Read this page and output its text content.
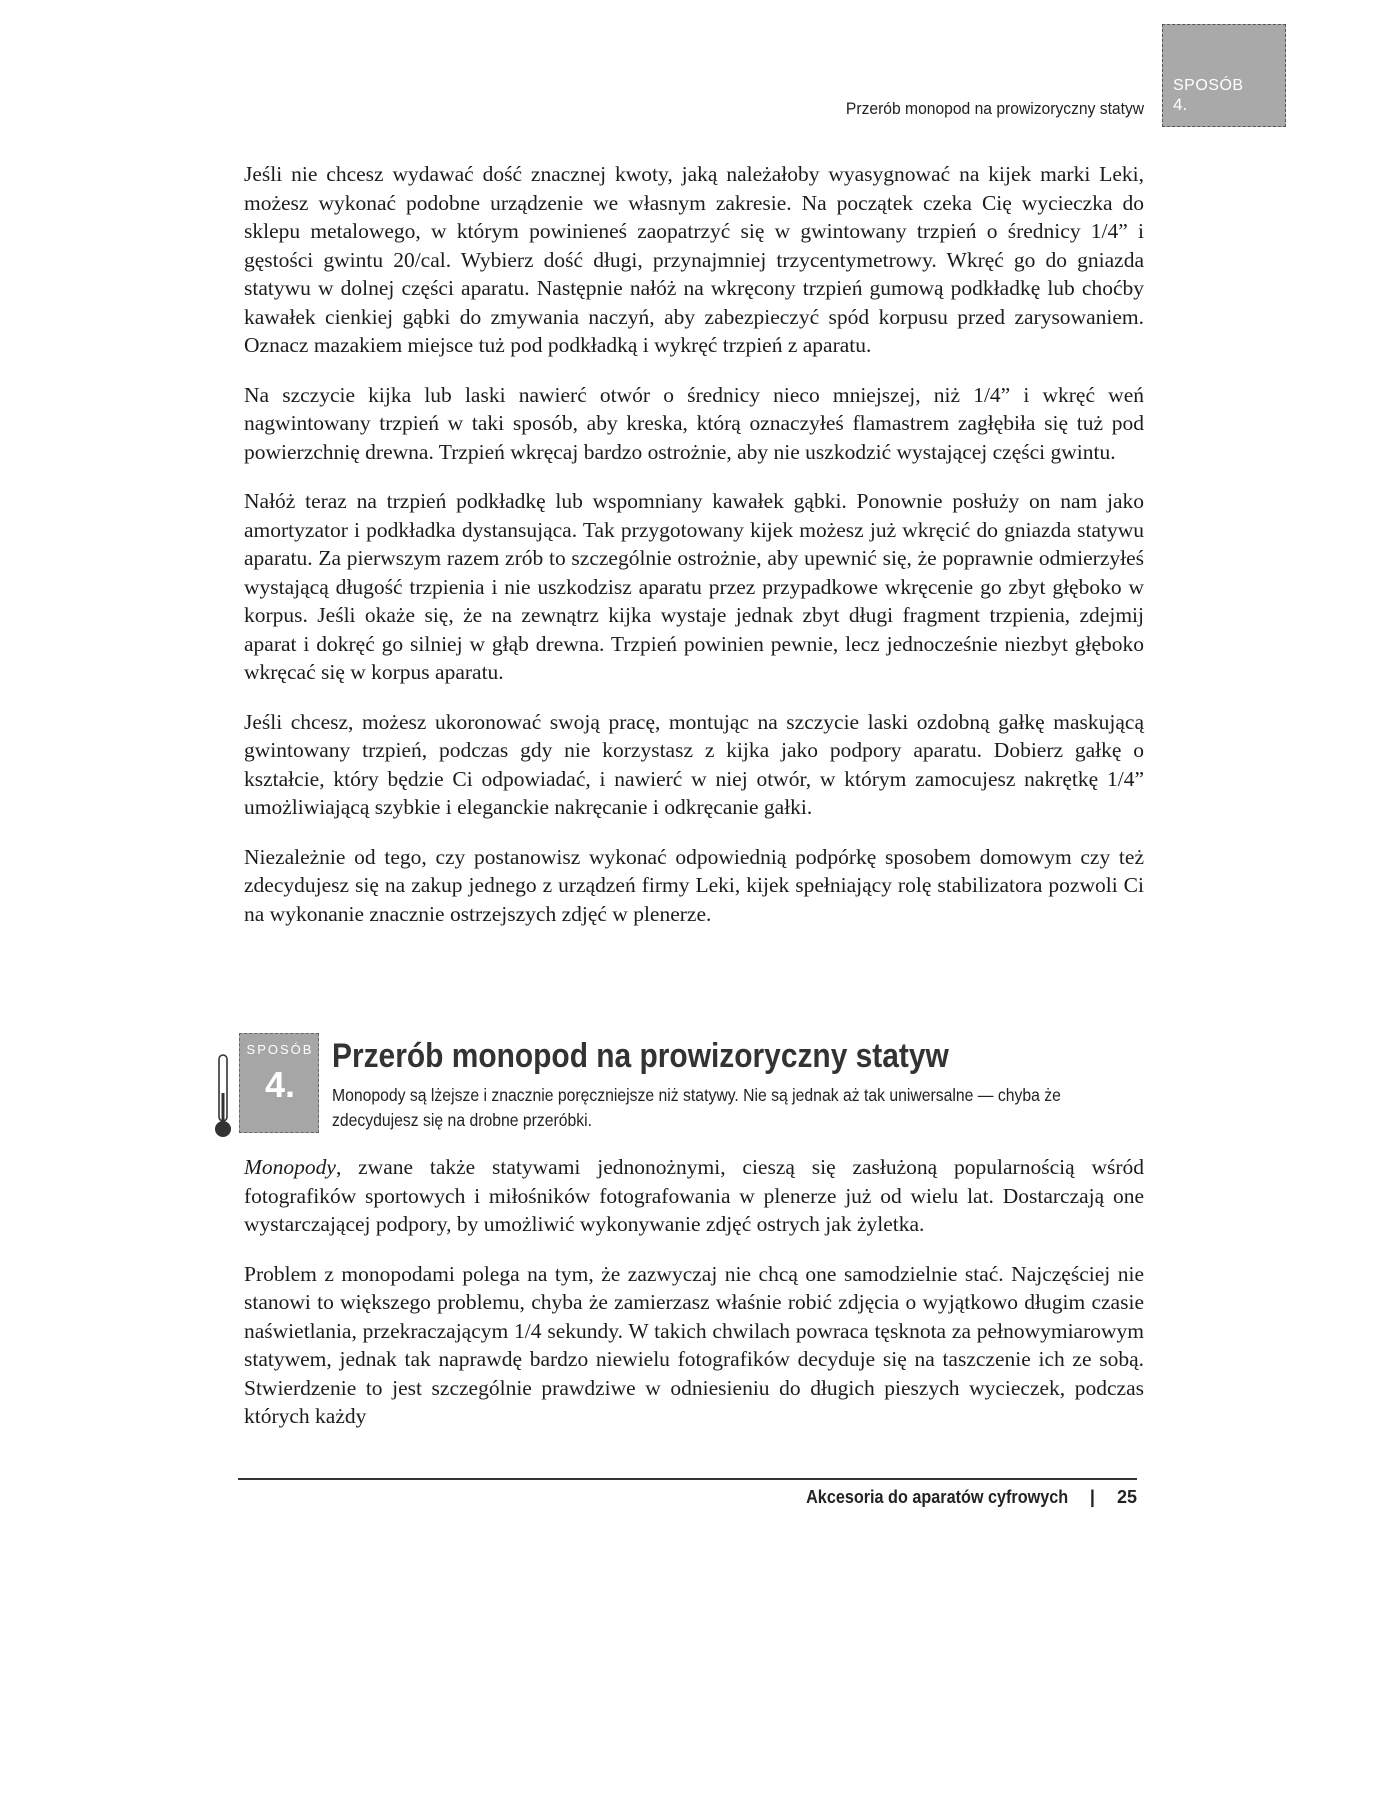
Przerób monopod na prowizoryczny statyw
SPOSÓB
4.

Jeśli nie chcesz wydawać dość znacznej kwoty, jaką należałoby wyasygnować na kijek marki Leki, możesz wykonać podobne urządzenie we własnym zakresie. Na początek czeka Cię wycieczka do sklepu metalowego, w którym powinieneś zaopatrzyć się w gwintowany trzpień o średnicy 1/4” i gęstości gwintu 20/cal. Wybierz dość długi, przynajmniej trzycentymetrowy. Wkręć go do gniazda statywu w dolnej części aparatu. Następnie nałóż na wkręcony trzpień gumową podkładkę lub choćby kawałek cienkiej gąbki do zmywania naczyń, aby zabezpieczyć spód korpusu przed zarysowaniem. Oznacz mazakiem miejsce tuż pod podkładką i wykręć trzpień z aparatu.

Na szczycie kijka lub laski nawierć otwór o średnicy nieco mniejszej, niż 1/4” i wkręć weń nagwintowany trzpień w taki sposób, aby kreska, którą oznaczyłeś flamastrem zagłębiła się tuż pod powierzchnię drewna. Trzpień wkręcaj bardzo ostrożnie, aby nie uszkodzić wystającej części gwintu.

Nałóż teraz na trzpień podkładkę lub wspomniany kawałek gąbki. Ponownie posłuży on nam jako amortyzator i podkładka dystansująca. Tak przygotowany kijek możesz już wkręcić do gniazda statywu aparatu. Za pierwszym razem zrób to szczególnie ostrożnie, aby upewnić się, że poprawnie odmierzyłeś wystającą długość trzpienia i nie uszkodzisz aparatu przez przypadkowe wkręcenie go zbyt głęboko w korpus. Jeśli okaże się, że na zewnątrz kijka wystaje jednak zbyt długi fragment trzpienia, zdejmij aparat i dokręć go silniej w głąb drewna. Trzpień powinien pewnie, lecz jednocześnie niezbyt głęboko wkręcać się w korpus aparatu.

Jeśli chcesz, możesz ukoronować swoją pracę, montując na szczycie laski ozdobną gałkę maskującą gwintowany trzpień, podczas gdy nie korzystasz z kijka jako podpory aparatu. Dobierz gałkę o kształcie, który będzie Ci odpowiadać, i nawierć w niej otwór, w którym zamocujesz nakrętkę 1/4” umożliwiającą szybkie i eleganckie nakręcanie i odkręcanie gałki.

Niezależnie od tego, czy postanowisz wykonać odpowiednią podpórkę sposobem domowym czy też zdecydujesz się na zakup jednego z urządzeń firmy Leki, kijek spełniający rolę stabilizatora pozwoli Ci na wykonanie znacznie ostrzejszych zdjęć w plenerze.

SPOSÓB
4.
Przerób monopod na prowizoryczny statyw
Monopody są lżejsze i znacznie poręczniejsze niż statywy. Nie są jednak aż tak uniwersalne — chyba że zdecydujesz się na drobne przeróbki.

Monopody, zwane także statywami jednonożnymi, cieszą się zasłużoną popularnością wśród fotografików sportowych i miłośników fotografowania w plenerze już od wielu lat. Dostarczają one wystarczającej podpory, by umożliwić wykonywanie zdjęć ostrych jak żyletka.

Problem z monopodami polega na tym, że zazwyczaj nie chcą one samodzielnie stać. Najczęściej nie stanowi to większego problemu, chyba że zamierzasz właśnie robić zdjęcia o wyjątkowo długim czasie naświetlania, przekraczającym 1/4 sekundy. W takich chwilach powraca tęsknota za pełnowymiarowym statywem, jednak tak naprawdę bardzo niewielu fotografików decyduje się na taszczenie ich ze sobą. Stwierdzenie to jest szczególnie prawdziwe w odniesieniu do długich pieszych wycieczek, podczas których każdy

Akcesoria do aparatów cyfrowych | 25
